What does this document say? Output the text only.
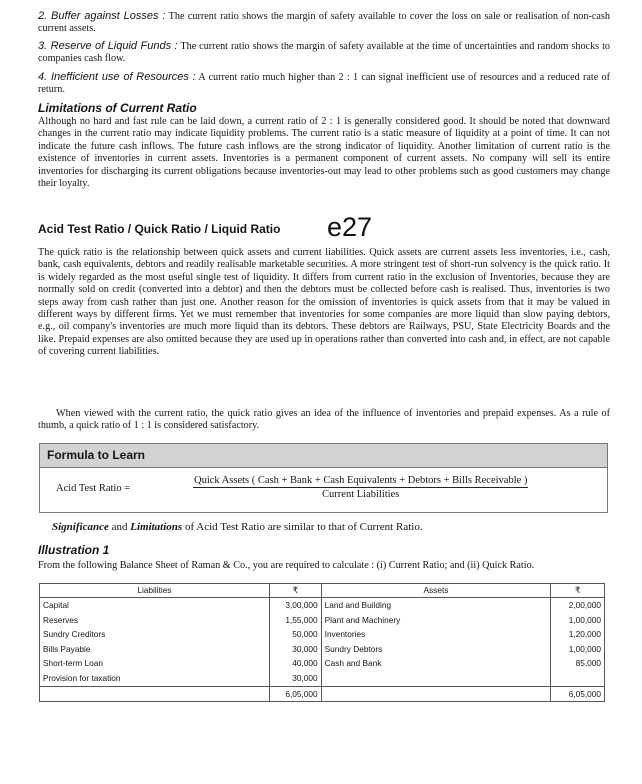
2. Buffer against Losses : The current ratio shows the margin of safety available to cover the loss on sale or realisation of non-cash current assets.
3. Reserve of Liquid Funds : The current ratio shows the margin of safety available at the time of uncertainties and random shocks to companies cash flow.
4. Inefficient use of Resources : A current ratio much higher than 2 : 1 can signal inefficient use of resources and a reduced rate of return.
Limitations of Current Ratio
Although no hard and fast rule can be laid down, a current ratio of 2 : 1 is generally considered good. It should be noted that downward changes in the current ratio may indicate liquidity problems. The current ratio is a static measure of liquidity at a point of time. It can not indicate the future cash inflows. The future cash inflows are the strong indicator of liquidity. Another limitation of current ratio is the existence of inventories in current assets. Inventories is a permanent component of current assets. No company will sell its entire inventories for discharging its current obligations because inventories-out may lead to other problems such as good customers may change their loyalty.
Acid Test Ratio / Quick Ratio / Liquid Ratio e27
The quick ratio is the relationship between quick assets and current liabilities. Quick assets are current assets less inventories, i.e., cash, bank, cash equivalents, debtors and readily realisable marketable securities. A more stringent test of short-run solvency is the quick ratio. It is widely regarded as the most useful single test of liquidity. It differs from current ratio in the exclusion of Inventories, because they are normally sold on credit (converted into a debtor) and then the debtors must be collected before cash is realised. Thus, inventories is two steps away from cash rather than just one. Another reason for the omission of inventories is quick assets from that it may be valued in different ways by different firms. Yet we must remember that inventories for some companies are more liquid than slow paying debtors, e.g., oil company's inventories are much more liquid than its debtors. These debtors are Railways, PSU, State Electricity Boards and the like. Prepaid expenses are also omitted because they are used up in operations rather than converted into cash and, in effect, are not capable of covering current liabilities.
When viewed with the current ratio, the quick ratio gives an idea of the influence of inventories and prepaid expenses. As a rule of thumb, a quick ratio of 1 : 1 is considered satisfactory.
Formula to Learn
Acid Test Ratio =
Quick Assets ( Cash + Bank + Cash Equivalents + Debtors + Bills Receivable )
Current Liabilities
Significance and Limitations of Acid Test Ratio are similar to that of Current Ratio.
Illustration 1
From the following Balance Sheet of Raman & Co., you are required to calculate : (i) Current Ratio; and (ii) Quick Ratio.
Liabilities	₹	Assets	₹
Capital	3,00,000	Land and Building	2,00,000
Reserves	1,55,000	Plant and Machinery	1,00,000
Sundry Creditors	50,000	Inventories	1,20,000
Bills Payable	30,000	Sundry Debtors	1,00,000
Short-term Loan	40,000	Cash and Bank	85,000
Provision for taxation	30,000		
	6,05,000		6,05,000
